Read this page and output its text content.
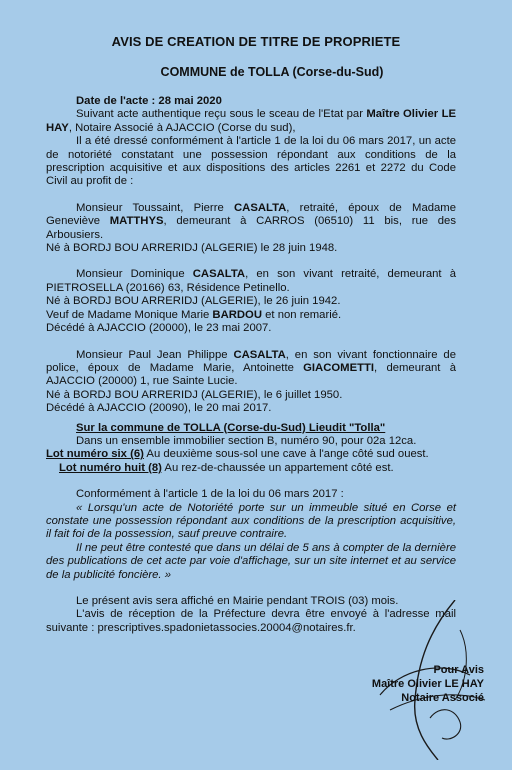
AVIS DE CREATION DE TITRE DE PROPRIETE
COMMUNE de TOLLA (Corse-du-Sud)

Date de l'acte : 28 mai 2020

Suivant acte authentique reçu sous le sceau de l'Etat par Maître Olivier LE HAY, Notaire Associé à AJACCIO (Corse du sud),

Il a été dressé conformément à l'article 1 de la loi du 06 mars 2017, un acte de notoriété constatant une possession répondant aux conditions de la prescription acquisitive et aux dispositions des articles 2261 et 2272 du Code Civil au profit de :

Monsieur Toussaint, Pierre CASALTA, retraité, époux de Madame Geneviève MATTHYS, demeurant à CARROS (06510) 11 bis, rue des Arbousiers.

Né à BORDJ BOU ARRERIDJ (ALGERIE) le 28 juin 1948.

Monsieur Dominique CASALTA, en son vivant retraité, demeurant à PIETROSELLA (20166) 63, Résidence Petinello.

Né à BORDJ BOU ARRERIDJ (ALGERIE), le 26 juin 1942.

Veuf de Madame Monique Marie BARDOU et non remarié.

Décédé à AJACCIO (20000), le 23 mai 2007.

Monsieur Paul Jean Philippe CASALTA, en son vivant fonctionnaire de police, époux de Madame Marie, Antoinette GIACOMETTI, demeurant à AJACCIO (20000) 1, rue Sainte Lucie.

Né à BORDJ BOU ARRERIDJ (ALGERIE), le 6 juillet 1950.

Décédé à AJACCIO (20090), le 20 mai 2017.

Sur la commune de TOLLA (Corse-du-Sud) Lieudit "Tolla"

Dans un ensemble immobilier section B, numéro 90, pour 02a 12ca.

Lot numéro six (6) Au deuxième sous-sol une cave à l'ange côté sud ouest.

Lot numéro huit (8) Au rez-de-chaussée un appartement côté est.

Conformément à l'article 1 de la loi du 06 mars 2017 :

« Lorsqu'un acte de Notoriété porte sur un immeuble situé en Corse et constate une possession répondant aux conditions de la prescription acquisitive, il fait foi de la possession, sauf preuve contraire.

Il ne peut être contesté que dans un délai de 5 ans à compter de la dernière des publications de cet acte par voie d'affichage, sur un site internet et au service de la publicité foncière. »

Le présent avis sera affiché en Mairie pendant TROIS (03) mois.

L'avis de réception de la Préfecture devra être envoyé à l'adresse mail suivante : prescriptives.spadonietassocies.20004@notaires.fr.

Pour Avis
Maître Olivier LE HAY
Notaire Associé
